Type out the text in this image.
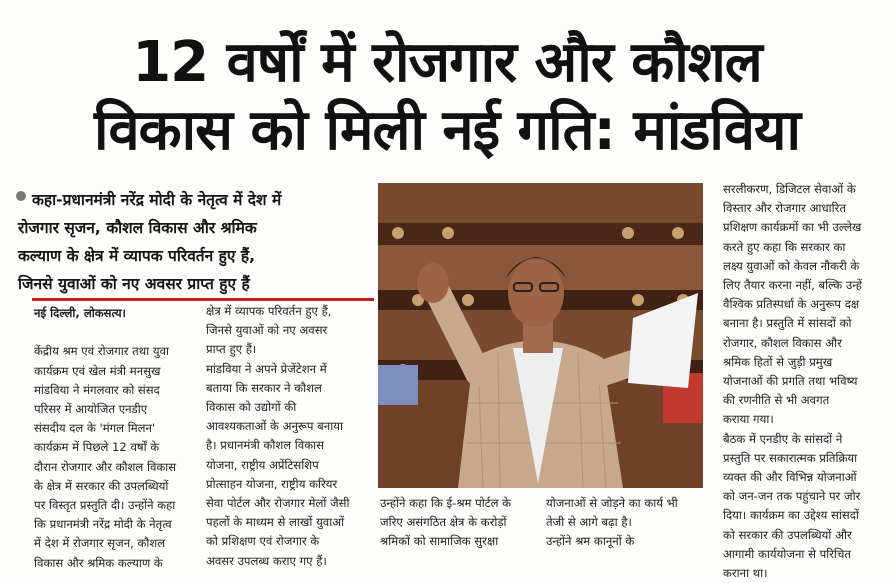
12 वर्षों में रोजगार और कौशल
विकास को मिली नई गति: मांडविया
कहा-प्रधानमंत्री नरेंद्र मोदी के नेतृत्व में देश में
रोजगार सृजन, कौशल विकास और श्रमिक
कल्याण के क्षेत्र में व्यापक परिवर्तन हुए हैं,
जिनसे युवाओं को नए अवसर प्राप्त हुए हैं

नई दिल्ली, लोकसत्य।

केंद्रीय श्रम एवं रोजगार तथा युवा

कार्यक्रम एवं खेल मंत्री मनसुख

मांडविया ने मंगलवार को संसद

परिसर में आयोजित एनडीए

संसदीय दल के 'मंगल मिलन'

कार्यक्रम में पिछले 12 वर्षों के

दौरान रोजगार और कौशल विकास

के क्षेत्र में सरकार की उपलब्धियों

पर विस्तृत प्रस्तुति दी। उन्होंने कहा

कि प्रधानमंत्री नरेंद्र मोदी के नेतृत्व

में देश में रोजगार सृजन, कौशल

विकास और श्रमिक कल्याण के

क्षेत्र में व्यापक परिवर्तन हुए हैं,

जिनसे युवाओं को नए अवसर

प्राप्त हुए हैं।

मांडविया ने अपने प्रेजेंटेशन में

बताया कि सरकार ने कौशल

विकास को उद्योगों की

आवश्यकताओं के अनुरूप बनाया

है। प्रधानमंत्री कौशल विकास

योजना, राष्ट्रीय अप्रेंटिसशिप

प्रोत्साहन योजना, राष्ट्रीय करियर

सेवा पोर्टल और रोजगार मेलों जैसी

पहलों के माध्यम से लाखों युवाओं

को प्रशिक्षण एवं रोजगार के

अवसर उपलब्ध कराए गए हैं।

उन्होंने कहा कि ई-श्रम पोर्टल के

जरिए असंगठित क्षेत्र के करोड़ों

श्रमिकों को सामाजिक सुरक्षा

योजनाओं से जोड़ने का कार्य भी

तेजी से आगे बढ़ा है।

उन्होंने श्रम कानूनों के

सरलीकरण, डिजिटल सेवाओं के

विस्तार और रोजगार आधारित

प्रशिक्षण कार्यक्रमों का भी उल्लेख

करते हुए कहा कि सरकार का

लक्ष्य युवाओं को केवल नौकरी के

लिए तैयार करना नहीं, बल्कि उन्हें

वैश्विक प्रतिस्पर्धा के अनुरूप दक्ष

बनाना है। प्रस्तुति में सांसदों को

रोजगार, कौशल विकास और

श्रमिक हितों से जुड़ी प्रमुख

योजनाओं की प्रगति तथा भविष्य

की रणनीति से भी अवगत

कराया गया।

बैठक में एनडीए के सांसदों ने

प्रस्तुति पर सकारात्मक प्रतिक्रिया

व्यक्त की और विभिन्न योजनाओं

को जन-जन तक पहुंचाने पर जोर

दिया। कार्यक्रम का उद्देश्य सांसदों

को सरकार की उपलब्धियों और

आगामी कार्ययोजना से परिचित

कराना था।
